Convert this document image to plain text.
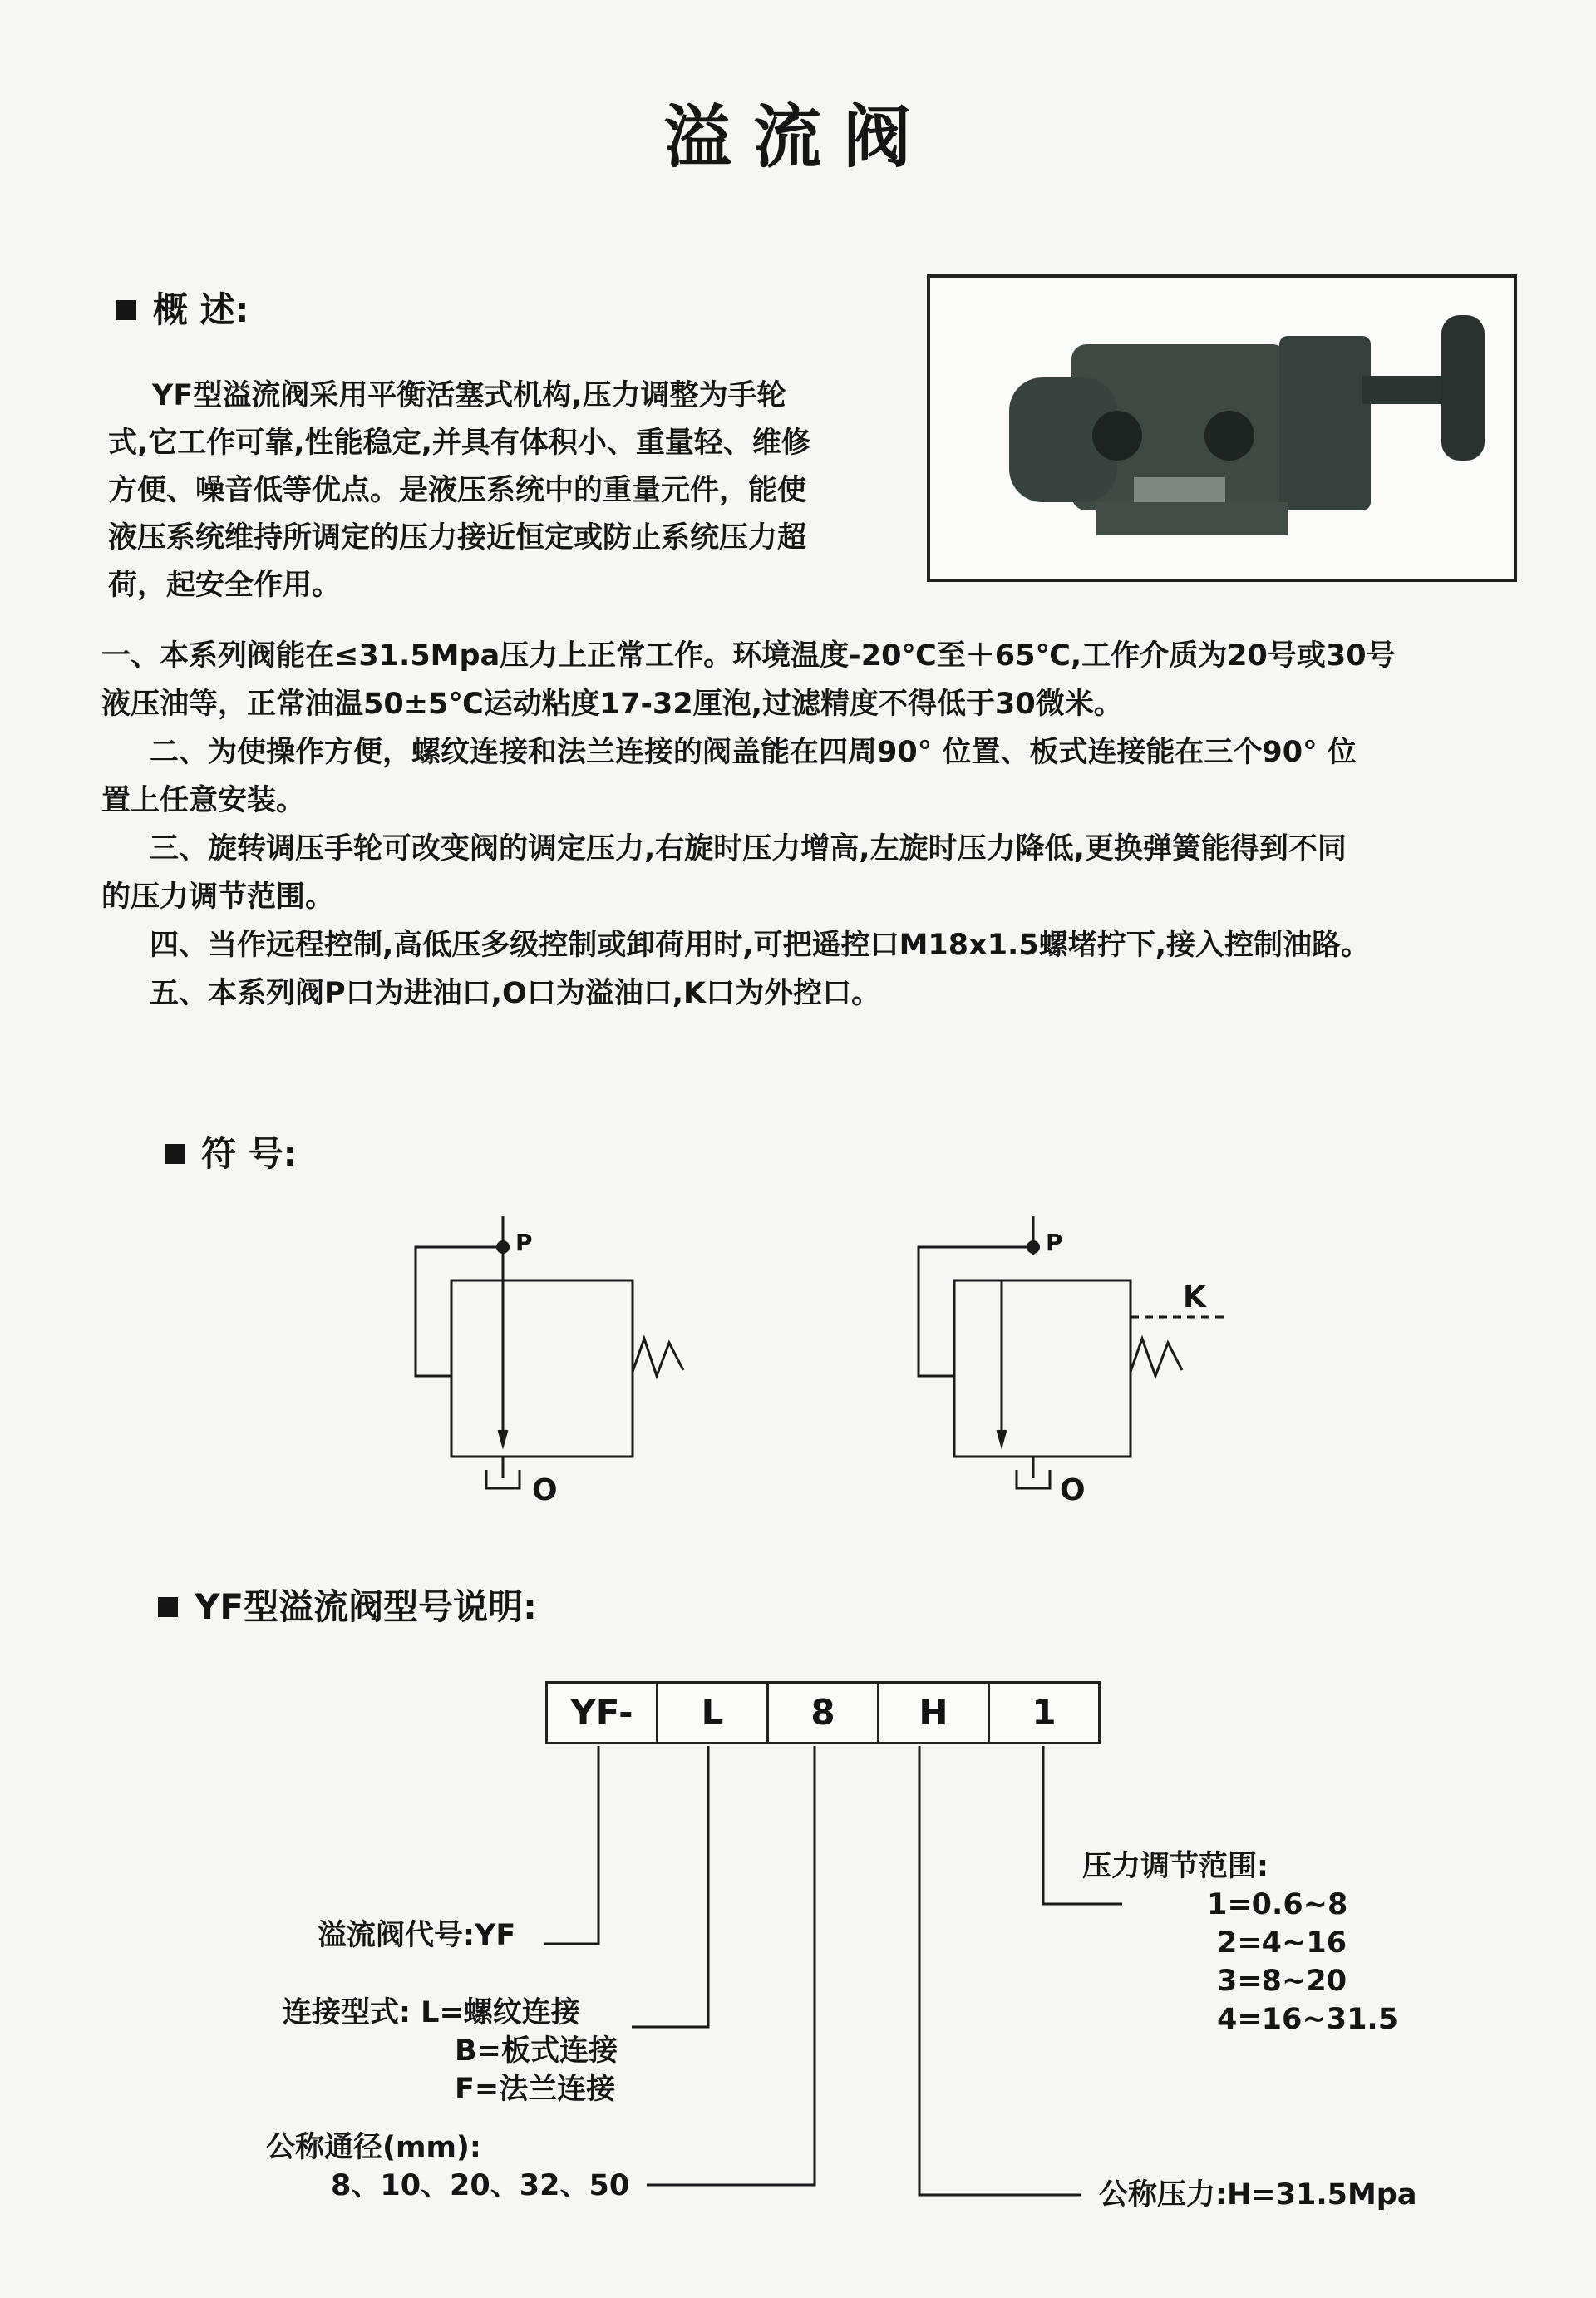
溢流阀
概 述:

YF型溢流阀采用平衡活塞式机构,压力调整为手轮式,它工作可靠,性能稳定,并具有体积小、重量轻、维修方便、噪音低等优点。是液压系统中的重量元件，能使液压系统维持所调定的压力接近恒定或防止系统压力超荷，起安全作用。

一、本系列阀能在≤31.5Mpa压力上正常工作。环境温度-20℃至＋65℃,工作介质为20号或30号

液压油等，正常油温50±5℃运动粘度17-32厘泡,过滤精度不得低于30微米。

二、为使操作方便，螺纹连接和法兰连接的阀盖能在四周90° 位置、板式连接能在三个90° 位

置上任意安装。

三、旋转调压手轮可改变阀的调定压力,右旋时压力增高,左旋时压力降低,更换弹簧能得到不同

的压力调节范围。

四、当作远程控制,高低压多级控制或卸荷用时,可把遥控口M18x1.5螺堵拧下,接入控制油路。

五、本系列阀P口为进油口,O口为溢油口,K口为外控口。

符 号:
P
O
P
O
K
YF型溢流阀型号说明:
YF-	L	8	H	1
溢流阀代号:YF

连接型式: L=螺纹连接

B=板式连接

F=法兰连接

公称通径(mm):

8、10、20、32、50

压力调节范围:

1=0.6~8

2=4~16

3=8~20

4=16~31.5

公称压力:H=31.5Mpa
